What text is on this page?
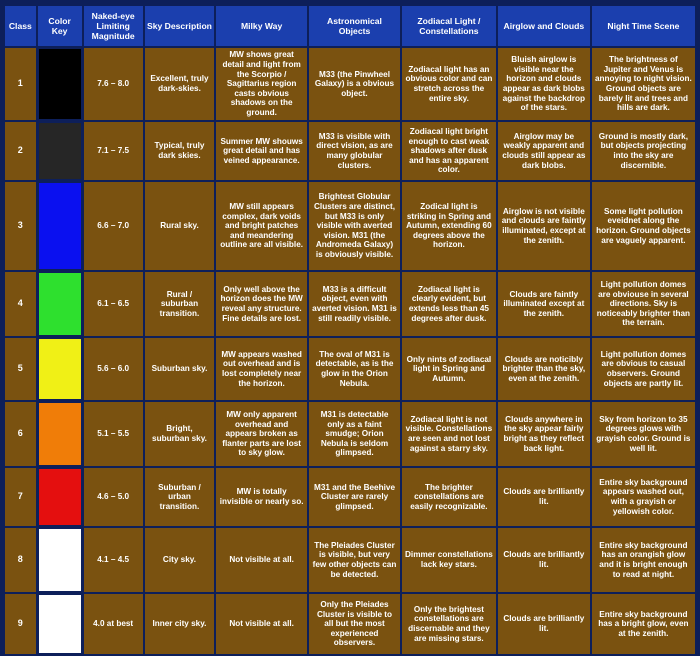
Class	Color Key	Naked-eye Limiting Magnitude	Sky Description	Milky Way	Astronomical Objects	Zodiacal Light / Constellations	Airglow and Clouds	Night Time Scene
1		7.6 – 8.0	Excellent, truly dark-skies.	MW shows great detail and light from the Scorpio / Sagittarius region casts obvious shadows on the ground.	M33 (the Pinwheel Galaxy) is a obvious object.	Zodiacal light has an obvious color and can stretch across the entire sky.	Bluish airglow is visible near the horizon and clouds appear as dark blobs against the backdrop of the stars.	The brightness of Jupiter and Venus is annoying to night vision. Ground objects are barely lit and trees and hills are dark.
2		7.1 – 7.5	Typical, truly dark skies.	Summer MW shouws great detail and has veined appearance.	M33 is visible with direct vision, as are many globular clusters.	Zodiacal light bright enough to cast weak shadows after dusk and has an apparent color.	Airglow may be weakly apparent and clouds still appear as dark blobs.	Ground is mostly dark, but objects projecting into the sky are discernible.
3		6.6 – 7.0	Rural sky.	MW still appears complex, dark voids and bright patches and meandering outline are all visible.	Brightest Globular Clusters are distinct, but M33 is only visible with averted vision. M31 (the Andromeda Galaxy) is obviously visible.	Zodical light is striking in Spring and Autumn, extending 60 degrees above the horizon.	Airglow is not visible and clouds are faintly illuminated, except at the zenith.	Some light pollution eveidnet along the horizon. Ground objects are vaguely apparent.
4		6.1 – 6.5	Rural / suburban transition.	Only well above the horizon does the MW reveal any structure. Fine details are lost.	M33 is a difficult object, even with averted vision. M31 is still readily visible.	Zodiacal light is clearly evident, but extends less than 45 degrees after dusk.	Clouds are faintly illuminated except at the zenith.	Light pollution domes are obviouse in several directions. Sky is noticeably brighter than the terrain.
5		5.6 – 6.0	Suburban sky.	MW appears washed out overhead and is lost completely near the horizon.	The oval of M31 is detectable, as is the glow in the Orion Nebula.	Only nints of zodiacal light in Spring and Autumn.	Clouds are noticibly brighter than the sky, even at the zenith.	Light pollution domes are obvious to casual observers. Ground objects are partly lit.
6		5.1 – 5.5	Bright, suburban sky.	MW only apparent overhead and appears broken as flanter parts are lost to sky glow.	M31 is detectable only as a faint smudge; Orion Nebula is seldom glimpsed.	Zodiacal light is not visible. Constellations are seen and not lost against a starry sky.	Clouds anywhere in the sky appear fairly bright as they reflect back light.	Sky from horizon to 35 degrees glows with grayish color. Ground is well lit.
7		4.6 – 5.0	Suburban / urban transition.	MW is totally invisible or nearly so.	M31 and the Beehive Cluster are rarely glimpsed.	The brighter constellations are easily recognizable.	Clouds are brilliantly lit.	Entire sky background appears washed out, with a grayish or yellowish color.
8		4.1 – 4.5	City sky.	Not visible at all.	The Pleiades Cluster is visible, but very few other objects can be detected.	Dimmer constellations lack key stars.	Clouds are brilliantly lit.	Entire sky background has an orangish glow and it is bright enough to read at night.
9		4.0 at best	Inner city sky.	Not visible at all.	Only the Pleiades Cluster is visible to all but the most experienced observers.	Only the brightest constellations are discernable and they are missing stars.	Clouds are brilliantly lit.	Entire sky background has a bright glow, even at the zenith.
